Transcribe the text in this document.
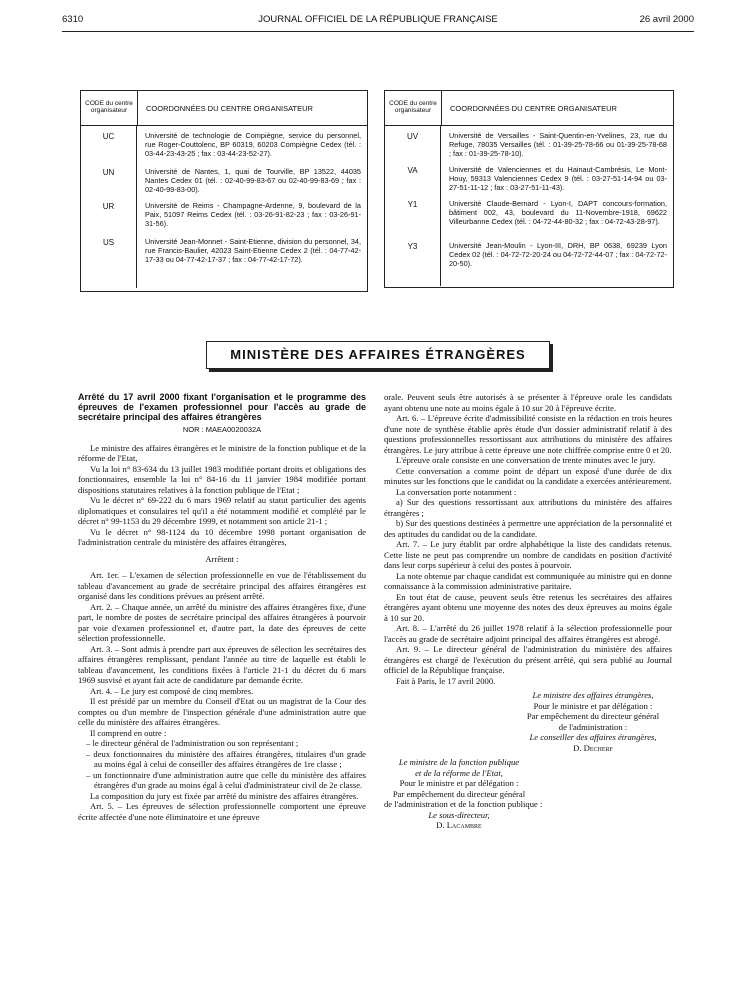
6310	JOURNAL OFFICIEL DE LA RÉPUBLIQUE FRANÇAISE	26 avril 2000
CODE du centre organisateur	COORDONNÉES DU CENTRE ORGANISATEUR
UC	Université de technologie de Compiègne, service du personnel, rue Roger-Couttolenc, BP 60319, 60203 Compiègne Cedex (tél. : 03-44-23-43-25 ; fax : 03-44-23-52-27).
UN	Université de Nantes, 1, quai de Tourville, BP 13522, 44035 Nantes Cedex 01 (tél. : 02-40-99-83-67 ou 02-40-99-83-69 ; fax : 02-40-99-83-00).
UR	Université de Reims - Champagne-Ardenne, 9, boulevard de la Paix, 51097 Reims Cedex (tél. : 03-26-91-82-23 ; fax : 03-26-91-31-56).
US	Université Jean-Monnet - Saint-Etienne, division du personnel, 34, rue Francis-Baulier, 42023 Saint-Etienne Cedex 2 (tél. : 04-77-42-17-33 ou 04-77-42-17-37 ; fax : 04-77-42-17-72).
CODE du centre organisateur	COORDONNÉES DU CENTRE ORGANISATEUR
UV	Université de Versailles - Saint-Quentin-en-Yvelines, 23, rue du Refuge, 78035 Versailles (tél. : 01-39-25-78-66 ou 01-39-25-78-68 ; fax : 01-39-25-78-10).
VA	Université de Valenciennes et du Hainaut-Cambrésis, Le Mont-Houy, 59313 Valenciennes Cedex 9 (tél. : 03-27-51-14-94 ou 03-27-51-11-12 ; fax : 03-27-51-11-43).
Y1	Université Claude-Bernard - Lyon-I, DAPT concours-formation, bâtiment 002, 43, boulevard du 11-Novembre-1918, 69622 Villeurbanne Cedex (tél. : 04-72-44-80-32 ; fax : 04-72-43-28-97).
Y3	Université Jean-Moulin - Lyon-III, DRH, BP 0638, 69239 Lyon Cedex 02 (tél. : 04-72-72-20-24 ou 04-72-72-44-07 ; fax : 04-72-72-20-50).
MINISTÈRE DES AFFAIRES ÉTRANGÈRES

Arrêté du 17 avril 2000 fixant l'organisation et le programme des épreuves de l'examen professionnel pour l'accès au grade de secrétaire principal des affaires étrangères

NOR : MAEA0020032A

Le ministre des affaires étrangères et le ministre de la fonction publique et de la réforme de l'Etat,

Vu la loi n° 83-634 du 13 juillet 1983 modifiée portant droits et obligations des fonctionnaires, ensemble la loi n° 84-16 du 11 janvier 1984 modifiée portant dispositions statutaires relatives à la fonction publique de l'Etat ;

Vu le décret n° 69-222 du 6 mars 1969 relatif au statut particulier des agents diplomatiques et consulaires tel qu'il a été notamment modifié et complété par le décret n° 99-1153 du 29 décembre 1999, et notamment son article 21-1 ;

Vu le décret n° 98-1124 du 10 décembre 1998 portant organisation de l'administration centrale du ministère des affaires étrangères,

Arrêtent :

Art. 1er. – L'examen de sélection professionnelle en vue de l'établissement du tableau d'avancement au grade de secrétaire principal des affaires étrangères est organisé dans les conditions prévues au présent arrêté.

Art. 2. – Chaque année, un arrêté du ministre des affaires étrangères fixe, d'une part, le nombre de postes de secrétaire principal des affaires étrangères à pourvoir par voie d'examen professionnel et, d'autre part, la date des épreuves de cette sélection professionnelle.

Art. 3. – Sont admis à prendre part aux épreuves de sélection les secrétaires des affaires étrangères remplissant, pendant l'année au titre de laquelle est établi le tableau d'avancement, les conditions fixées à l'article 21-1 du décret du 6 mars 1969 susvisé et ayant fait acte de candidature par demande écrite.

Art. 4. – Le jury est composé de cinq membres.

Il est présidé par un membre du Conseil d'Etat ou un magistrat de la Cour des comptes ou d'un membre de l'inspection générale d'une administration autre que celle du ministère des affaires étrangères.

Il comprend en outre :

– le directeur général de l'administration ou son représentant ;

– deux fonctionnaires du ministère des affaires étrangères, titulaires d'un grade au moins égal à celui de conseiller des affaires étrangères de 1re classe ;

– un fonctionnaire d'une administration autre que celle du ministère des affaires étrangères d'un grade au moins égal à celui d'administrateur civil de 2e classe.

La composition du jury est fixée par arrêté du ministre des affaires étrangères.

Art. 5. – Les épreuves de sélection professionnelle comportent une épreuve écrite affectée d'une note éliminatoire et une épreuve

orale. Peuvent seuls être autorisés à se présenter à l'épreuve orale les candidats ayant obtenu une note au moins égale à 10 sur 20 à l'épreuve écrite.

Art. 6. – L'épreuve écrite d'admissibilité consiste en la rédaction en trois heures d'une note de synthèse établie après étude d'un dossier administratif relatif à des questions professionnelles ressortissant aux attributions du ministère des affaires étrangères. Le jury attribue à cette épreuve une note chiffrée comprise entre 0 et 20.

L'épreuve orale consiste en une conversation de trente minutes avec le jury.

Cette conversation a comme point de départ un exposé d'une durée de dix minutes sur les fonctions que le candidat ou la candidate a exercées antérieurement.

La conversation porte notamment :

a) Sur des questions ressortissant aux attributions du ministère des affaires étrangères ;

b) Sur des questions destinées à permettre une appréciation de la personnalité et des aptitudes du candidat ou de la candidate.

Art. 7. – Le jury établit par ordre alphabétique la liste des candidats retenus. Cette liste ne peut pas comprendre un nombre de candidats en position d'activité dans leur corps supérieur à celui des postes à pourvoir.

La note obtenue par chaque candidat est communiquée au ministre qui en donne connaissance à la commission administrative paritaire.

En tout état de cause, peuvent seuls être retenus les secrétaires des affaires étrangères ayant obtenu une moyenne des notes des deux épreuves au moins égale à 10 sur 20.

Art. 8. – L'arrêté du 26 juillet 1978 relatif à la sélection professionnelle pour l'accès au grade de secrétaire adjoint principal des affaires étrangères est abrogé.

Art. 9. – Le directeur général de l'administration du ministère des affaires étrangères est chargé de l'exécution du présent arrêté, qui sera publié au Journal officiel de la République française.

Fait à Paris, le 17 avril 2000.

Le ministre des affaires étrangères,
Pour le ministre et par délégation :
Par empêchement du directeur général
de l'administration :
Le conseiller des affaires étrangères,
D. Decherf
Le ministre de la fonction publique
et de la réforme de l'Etat,
Pour le ministre et par délégation :
Par empêchement du directeur général
de l'administration et de la fonction publique :
Le sous-directeur,
D. Lacambre
